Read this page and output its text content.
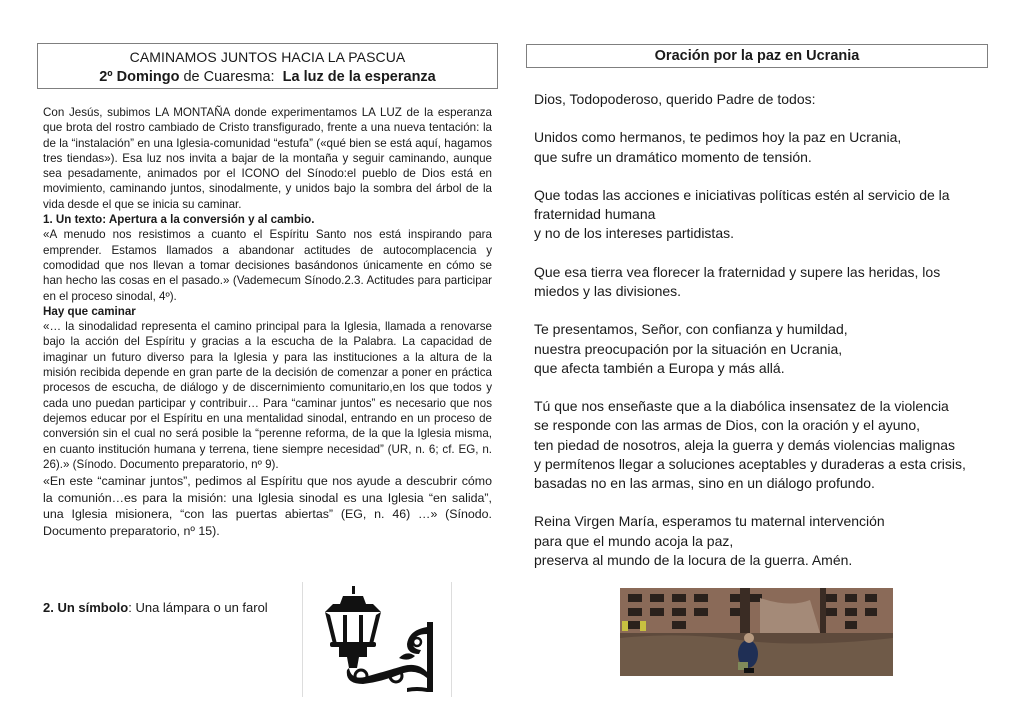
CAMINAMOS JUNTOS HACIA LA PASCUA
2º Domingo de Cuaresma:  La luz de la esperanza

Con Jesús, subimos LA MONTAÑA donde experimentamos LA LUZ de la esperanza que brota del rostro cambiado de Cristo transfigurado, frente a una nueva tentación: la de la “instalación” en una Iglesia-comunidad “estufa” («qué bien se está aquí, hagamos tres tiendas»). Esa luz nos invita a bajar de la montaña y seguir caminando, aunque sea pesadamente, animados por el ICONO del Sínodo:el pueblo de Dios está en movimiento, caminando juntos, sinodalmente, y unidos bajo la sombra del árbol de la vida desde el que se inicia su caminar.

1. Un texto: Apertura a la conversión y al cambio.

«A menudo nos resistimos a cuanto el Espíritu Santo nos está inspirando para emprender. Estamos llamados a abandonar actitudes de autocomplacencia y comodidad que nos llevan a tomar decisiones basándonos únicamente en cómo se han hecho las cosas en el pasado.» (Vademecum Sínodo.2.3. Actitudes para participar en el proceso sinodal, 4º).

Hay que caminar

«… la sinodalidad representa el camino principal para la Iglesia, llamada a renovarse bajo la acción del Espíritu y gracias a la escucha de la Palabra. La capacidad de imaginar un futuro diverso para la Iglesia y para las instituciones a la altura de la misión recibida depende en gran parte de la decisión de comenzar a poner en práctica procesos de escucha, de diálogo y de discernimiento comunitario,en los que todos y cada uno puedan participar y contribuir… Para “caminar juntos” es necesario que nos dejemos educar por el Espíritu en una mentalidad sinodal, entrando en un proceso de conversión sin el cual no será posible la “perenne reforma, de la que la Iglesia misma, en cuanto institución humana y terrena, tiene siempre necesidad” (UR, n. 6; cf. EG, n. 26).» (Sínodo. Documento preparatorio, nº 9).

«En este “caminar juntos”, pedimos al Espíritu que nos ayude a descubrir cómo la comunión…es para la misión: una Iglesia sinodal es una Iglesia “en salida”, una Iglesia misionera, “con las puertas abiertas” (EG, n. 46) …» (Sínodo. Documento preparatorio, nº 15).

2. Un símbolo: Una lámpara o un farol
Oración por la paz en Ucrania

Dios, Todopoderoso, querido Padre de todos:

Unidos como hermanos, te pedimos hoy la paz en Ucrania,
que sufre un dramático momento de tensión.

Que todas las acciones e iniciativas políticas estén al servicio de la
fraternidad humana
y no de los intereses partidistas.

Que esa tierra vea florecer la fraternidad y supere las heridas, los
miedos y las divisiones.

Te presentamos, Señor, con confianza y humildad,
nuestra preocupación por la situación en Ucrania,
que afecta también a Europa y más allá.

Tú que nos enseñaste que a la diabólica insensatez de la violencia
se responde con las armas de Dios, con la oración y el ayuno,
ten piedad de nosotros, aleja la guerra y demás violencias malignas
y permítenos llegar a soluciones aceptables y duraderas a esta crisis,
basadas no en las armas, sino en un diálogo profundo.

Reina Virgen María, esperamos tu maternal intervención
para que el mundo acoja la paz,
preserva al mundo de la locura de la guerra. Amén.
